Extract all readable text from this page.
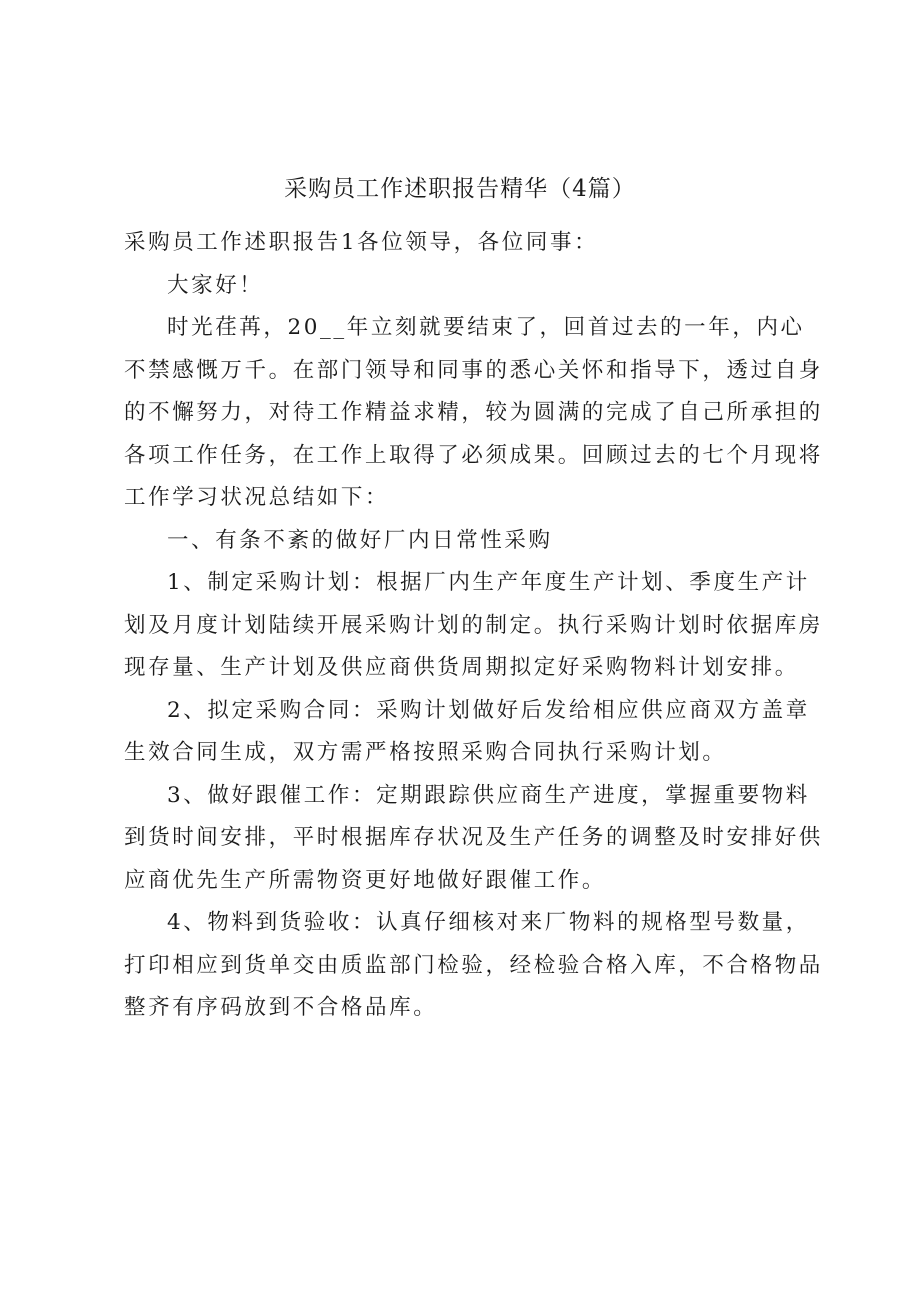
采购员工作述职报告精华（4篇）

采购员工作述职报告1各位领导，各位同事：

大家好！

时光荏苒，20__年立刻就要结束了，回首过去的一年，内心不禁感慨万千。在部门领导和同事的悉心关怀和指导下，透过自身的不懈努力，对待工作精益求精，较为圆满的完成了自己所承担的各项工作任务，在工作上取得了必须成果。回顾过去的七个月现将工作学习状况总结如下：

一、有条不紊的做好厂内日常性采购

1、制定采购计划：根据厂内生产年度生产计划、季度生产计划及月度计划陆续开展采购计划的制定。执行采购计划时依据库房现存量、生产计划及供应商供货周期拟定好采购物料计划安排。

2、拟定采购合同：采购计划做好后发给相应供应商双方盖章生效合同生成，双方需严格按照采购合同执行采购计划。

3、做好跟催工作：定期跟踪供应商生产进度，掌握重要物料到货时间安排，平时根据库存状况及生产任务的调整及时安排好供应商优先生产所需物资更好地做好跟催工作。

4、物料到货验收：认真仔细核对来厂物料的规格型号数量，打印相应到货单交由质监部门检验，经检验合格入库，不合格物品整齐有序码放到不合格品库。
